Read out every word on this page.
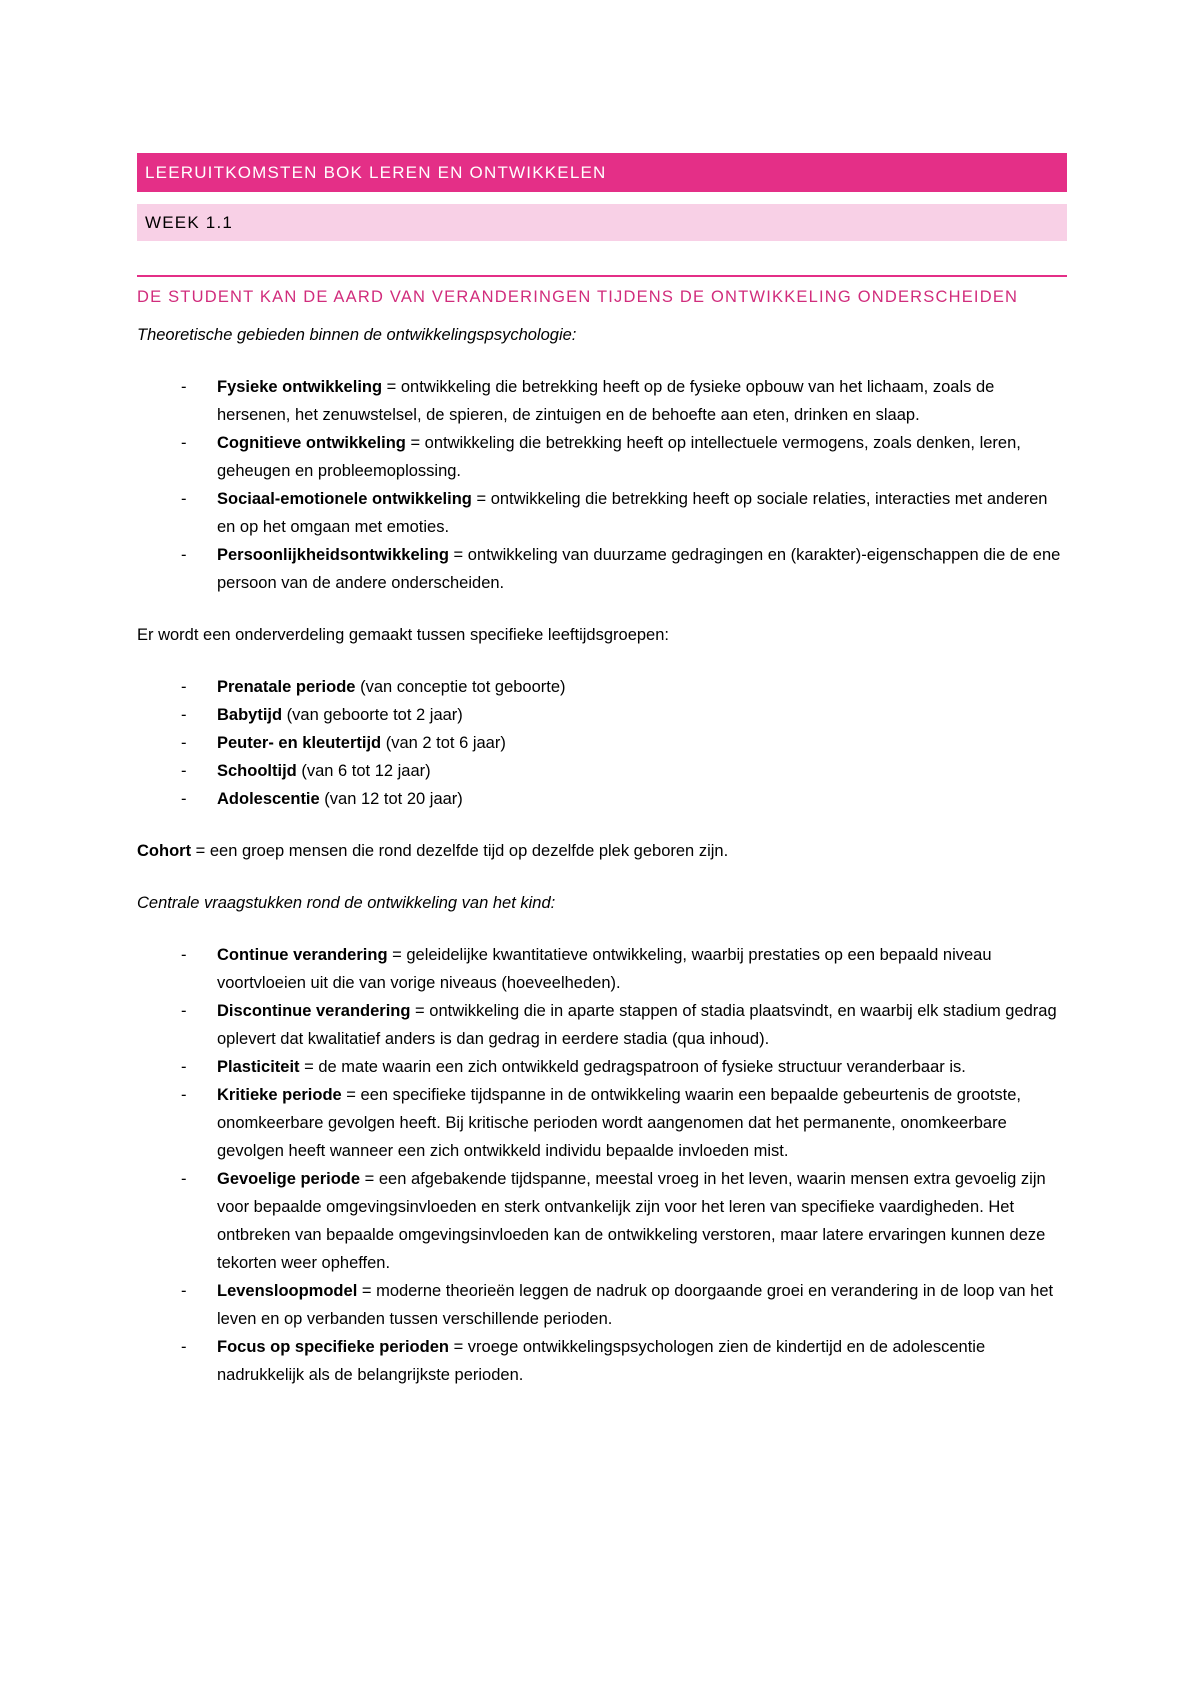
LEERUITKOMSTEN BOK LEREN EN ONTWIKKELEN
WEEK 1.1
DE STUDENT KAN DE AARD VAN VERANDERINGEN TIJDENS DE ONTWIKKELING ONDERSCHEIDEN

Theoretische gebieden binnen de ontwikkelingspsychologie:

- Fysieke ontwikkeling = ontwikkeling die betrekking heeft op de fysieke opbouw van het lichaam, zoals de hersenen, het zenuwstelsel, de spieren, de zintuigen en de behoefte aan eten, drinken en slaap.
- Cognitieve ontwikkeling = ontwikkeling die betrekking heeft op intellectuele vermogens, zoals denken, leren, geheugen en probleemoplossing.
- Sociaal-emotionele ontwikkeling = ontwikkeling die betrekking heeft op sociale relaties, interacties met anderen en op het omgaan met emoties.
- Persoonlijkheidsontwikkeling = ontwikkeling van duurzame gedragingen en (karakter)-eigenschappen die de ene persoon van de andere onderscheiden.

Er wordt een onderverdeling gemaakt tussen specifieke leeftijdsgroepen:

- Prenatale periode (van conceptie tot geboorte)
- Babytijd (van geboorte tot 2 jaar)
- Peuter- en kleutertijd (van 2 tot 6 jaar)
- Schooltijd (van 6 tot 12 jaar)
- Adolescentie (van 12 tot 20 jaar)

Cohort = een groep mensen die rond dezelfde tijd op dezelfde plek geboren zijn.

Centrale vraagstukken rond de ontwikkeling van het kind:

- Continue verandering = geleidelijke kwantitatieve ontwikkeling, waarbij prestaties op een bepaald niveau voortvloeien uit die van vorige niveaus (hoeveelheden).
- Discontinue verandering = ontwikkeling die in aparte stappen of stadia plaatsvindt, en waarbij elk stadium gedrag oplevert dat kwalitatief anders is dan gedrag in eerdere stadia (qua inhoud).
- Plasticiteit = de mate waarin een zich ontwikkeld gedragspatroon of fysieke structuur veranderbaar is.
- Kritieke periode = een specifieke tijdspanne in de ontwikkeling waarin een bepaalde gebeurtenis de grootste, onomkeerbare gevolgen heeft. Bij kritische perioden wordt aangenomen dat het permanente, onomkeerbare gevolgen heeft wanneer een zich ontwikkeld individu bepaalde invloeden mist.
- Gevoelige periode = een afgebakende tijdspanne, meestal vroeg in het leven, waarin mensen extra gevoelig zijn voor bepaalde omgevingsinvloeden en sterk ontvankelijk zijn voor het leren van specifieke vaardigheden. Het ontbreken van bepaalde omgevingsinvloeden kan de ontwikkeling verstoren, maar latere ervaringen kunnen deze tekorten weer opheffen.
- Levensloopmodel = moderne theorieën leggen de nadruk op doorgaande groei en verandering in de loop van het leven en op verbanden tussen verschillende perioden.
- Focus op specifieke perioden = vroege ontwikkelingspsychologen zien de kindertijd en de adolescentie nadrukkelijk als de belangrijkste perioden.
